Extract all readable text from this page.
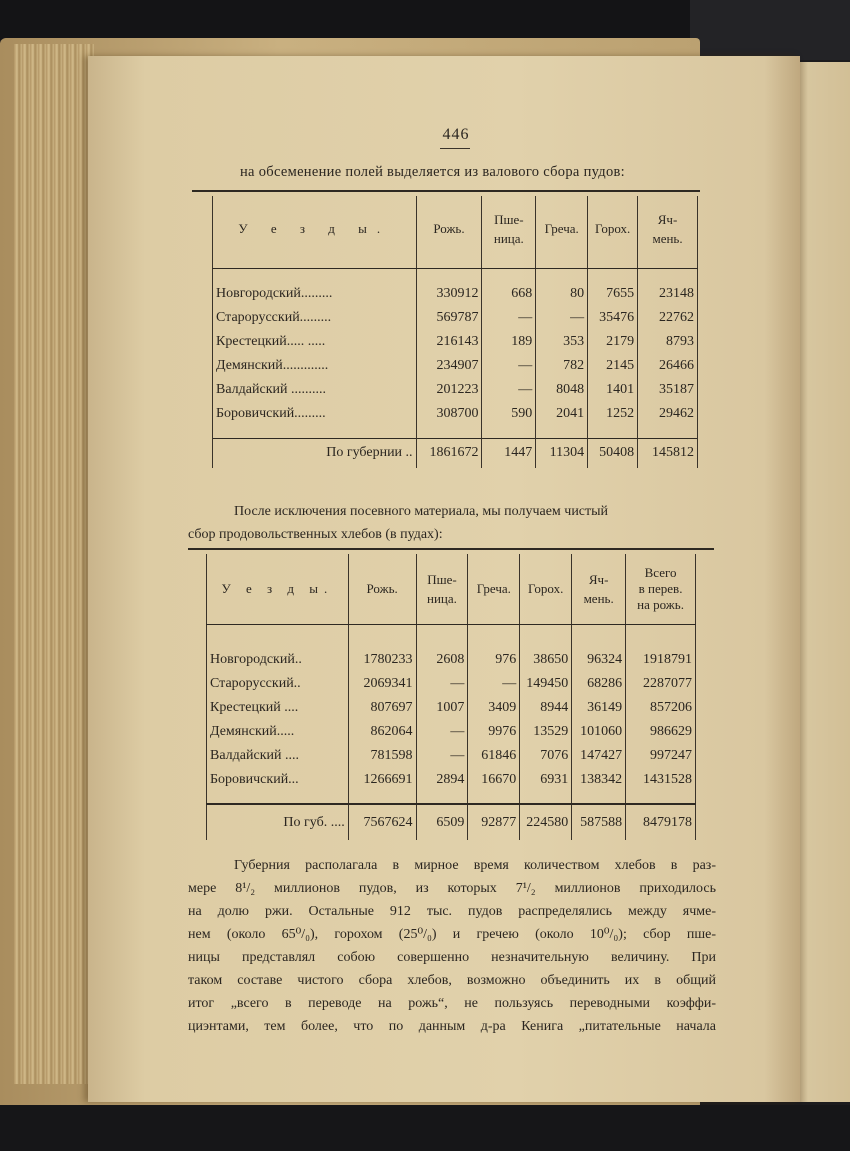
446
на обсеменение полей выделяется из валового сбора пудов:
У е з д ы.	Рожь.	Пше-
ница.	Греча.	Горох.	Яч-
мень.

Новгородский.........	330912	668	80	7655	23148
Старорусский.........	569787	—	—	35476	22762
Крестецкий..... .....	216143	189	353	2179	8793
Демянский.............	234907	—	782	2145	26466
Валдайский ..........	201223	—	8048	1401	35187
Боровичский.........	308700	590	2041	1252	29462

По губернии ..	1861672	1447	11304	50408	145812
После исключения посевного материала, мы получаем чистый
сбор продовольственных хлебов (в пудах):
У е з д ы.	Рожь.	Пше-
ница.	Греча.	Горох.	Яч-
мень.	Всего
в перев.
на рожь.

Новгородский..	1780233	2608	976	38650	96324	1918791
Старорусский..	2069341	—	—	149450	68286	2287077
Крестецкий ....	807697	1007	3409	8944	36149	857206
Демянский.....	862064	—	9976	13529	101060	986629
Валдайский ....	781598	—	61846	7076	147427	997247
Боровичский...	1266691	2894	16670	6931	138342	1431528

По губ. ....	7567624	6509	92877	224580	587588	8479178
Губерния располагала в мирное время количеством хлебов в раз-
мере 8¹/₂ миллионов пудов, из которых 7¹/₂ миллионов приходилось
на долю ржи. Остальные 912 тыс. пудов распределялись между ячме-
нем (около 65⁰/₀), горохом (25⁰/₀) и гречею (около 10⁰/₀); сбор пше-
ницы представлял собою совершенно незначительную величину. При
таком составе чистого сбора хлебов, возможно объединить их в общий
итог „всего в переводе на рожь“, не пользуясь переводными коэффи-
циэнтами, тем более, что по данным д-ра Кенига „питательные начала
